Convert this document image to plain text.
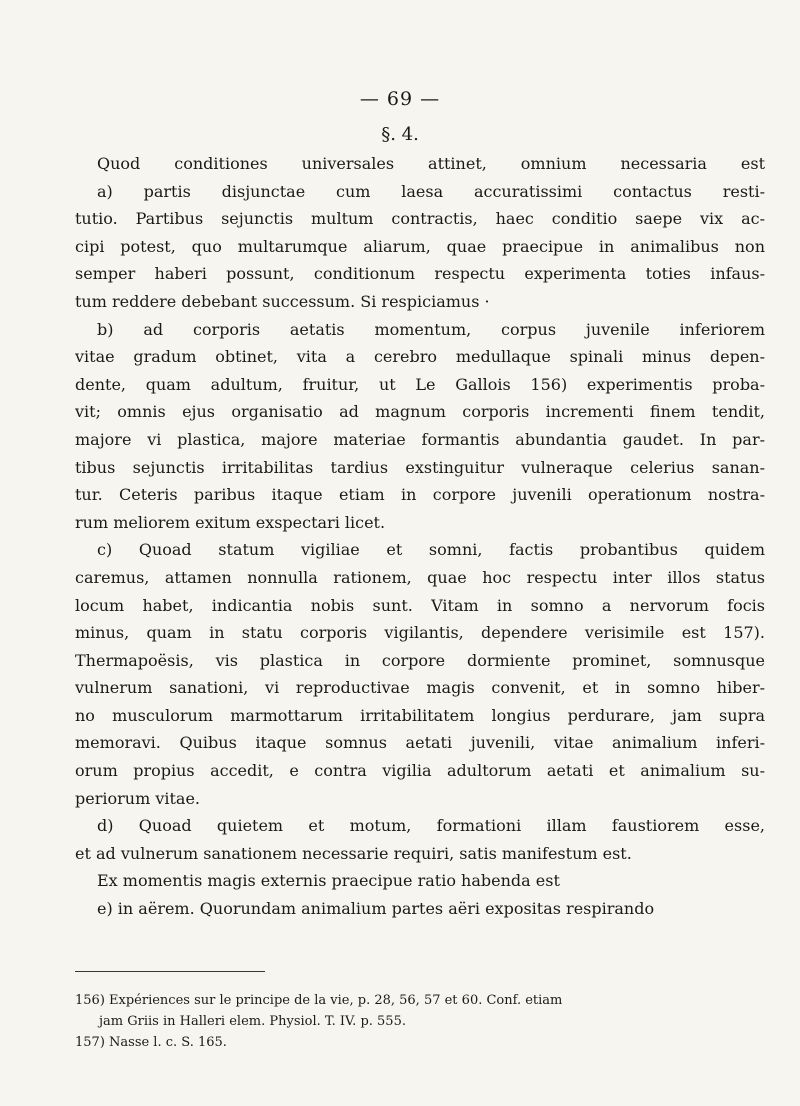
— 69 —
§. 4.
Quod conditiones universales attinet, omnium necessaria est
a) partis disjunctae cum laesa accuratissimi contactus resti-
tutio. Partibus sejunctis multum contractis, haec conditio saepe vix ac-
cipi potest, quo multarumque aliarum, quae praecipue in animalibus non
semper haberi possunt, conditionum respectu experimenta toties infaus-
tum reddere debebant successum. Si respiciamus ·
b) ad corporis aetatis momentum, corpus juvenile inferiorem
vitae gradum obtinet, vita a cerebro medullaque spinali minus depen-
dente, quam adultum, fruitur, ut Le Gallois 156) experimentis proba-
vit; omnis ejus organisatio ad magnum corporis incrementi finem tendit,
majore vi plastica, majore materiae formantis abundantia gaudet. In par-
tibus sejunctis irritabilitas tardius exstinguitur vulneraque celerius sanan-
tur. Ceteris paribus itaque etiam in corpore juvenili operationum nostra-
rum meliorem exitum exspectari licet.
c) Quoad statum vigiliae et somni, factis probantibus quidem
caremus, attamen nonnulla rationem, quae hoc respectu inter illos status
locum habet, indicantia nobis sunt. Vitam in somno a nervorum focis
minus, quam in statu corporis vigilantis, dependere verisimile est 157).
Thermapoësis, vis plastica in corpore dormiente prominet, somnusque
vulnerum sanationi, vi reproductivae magis convenit, et in somno hiber-
no musculorum marmottarum irritabilitatem longius perdurare, jam supra
memoravi. Quibus itaque somnus aetati juvenili, vitae animalium inferi-
orum propius accedit, e contra vigilia adultorum aetati et animalium su-
periorum vitae.
d) Quoad quietem et motum, formationi illam faustiorem esse,
et ad vulnerum sanationem necessarie requiri, satis manifestum est.
Ex momentis magis externis praecipue ratio habenda est
e) in aërem. Quorundam animalium partes aëri expositas respirando
156) Expériences sur le principe de la vie, p. 28, 56, 57 et 60. Conf. etiam
jam Griis in Halleri elem. Physiol. T. IV. p. 555.
157) Nasse l. c. S. 165.
